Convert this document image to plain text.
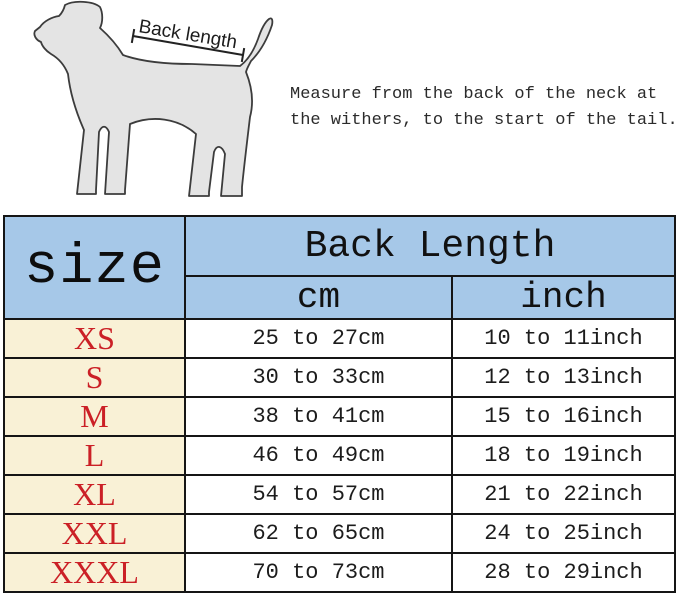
Back length
Measure from the back of the neck at
the withers, to the start of the tail.
size	Back Length	
	cm	inch
XS	25 to 27cm	10 to 11inch
S	30 to 33cm	12 to 13inch
M	38 to 41cm	15 to 16inch
L	46 to 49cm	18 to 19inch
XL	54 to 57cm	21 to 22inch
XXL	62 to 65cm	24 to 25inch
XXXL	70 to 73cm	28 to 29inch
